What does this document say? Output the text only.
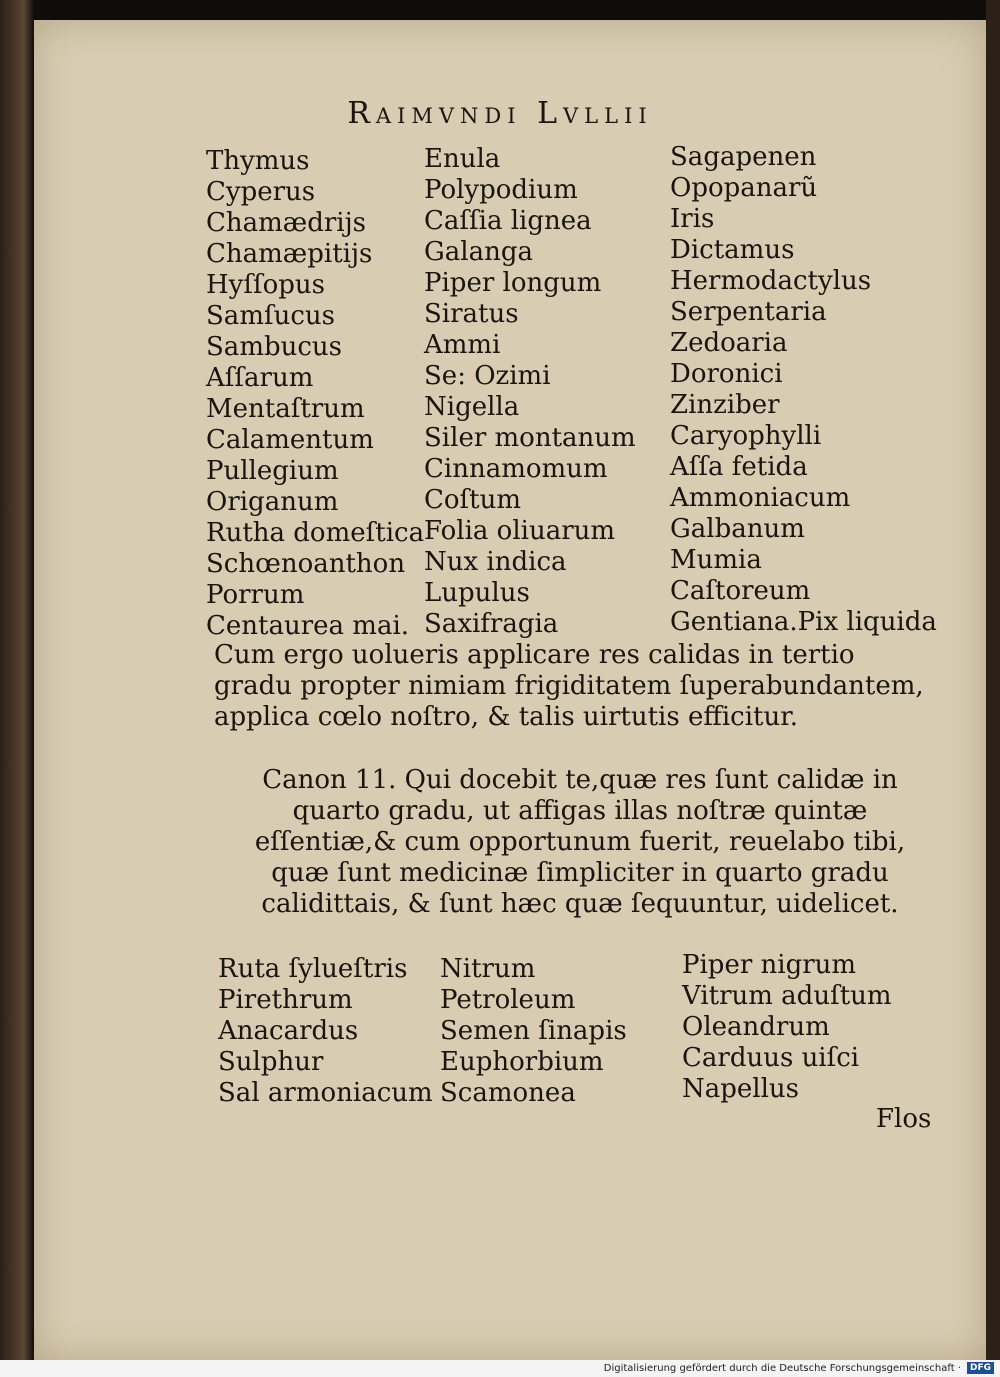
Raimvndi Lvllii
Thymus
Cyperus
Chamædrijs
Chamæpitijs
Hyſſopus
Samſucus
Sambucus
Aſſarum
Mentaſtrum
Calamentum
Pullegium
Origanum
Rutha domeſtica
Schœnoanthon
Porrum
Centaurea mai.
Enula
Polypodium
Caſſia lignea
Galanga
Piper longum
Siratus
Ammi
Se: Ozimi
Nigella
Siler montanum
Cinnamomum
Coſtum
Folia oliuarum
Nux indica
Lupulus
Saxifragia
Sagapenen
Opopanarũ
Iris
Dictamus
Hermodactylus
Serpentaria
Zedoaria
Doronici
Zinziber
Caryophylli
Aſſa fetida
Ammoniacum
Galbanum
Mumia
Caſtoreum
Gentiana.Pix liquida
Cum ergo uolueris applicare res calidas in tertio gradu propter nimiam frigiditatem ſuperabundantem, applica cœlo noſtro, & talis uirtutis efficitur.
Canon 11. Qui docebit te,quæ res ſunt calidæ in quarto gradu, ut affigas illas noſtræ quintæ eſſentiæ,& cum opportunum fuerit, reuelabo tibi, quæ ſunt medicinæ ſimpliciter in quarto gradu calidittais, & ſunt hæc quæ ſequuntur, uidelicet.
Ruta ſylueſtris
Pirethrum
Anacardus
Sulphur
Sal armoniacum
Nitrum
Petroleum
Semen ſinapis
Euphorbium
Scamonea
Piper nigrum
Vitrum aduſtum
Oleandrum
Carduus uiſci
Napellus
Flos
Digitalisierung gefördert durch die Deutsche Forschungsgemeinschaft · DFG
